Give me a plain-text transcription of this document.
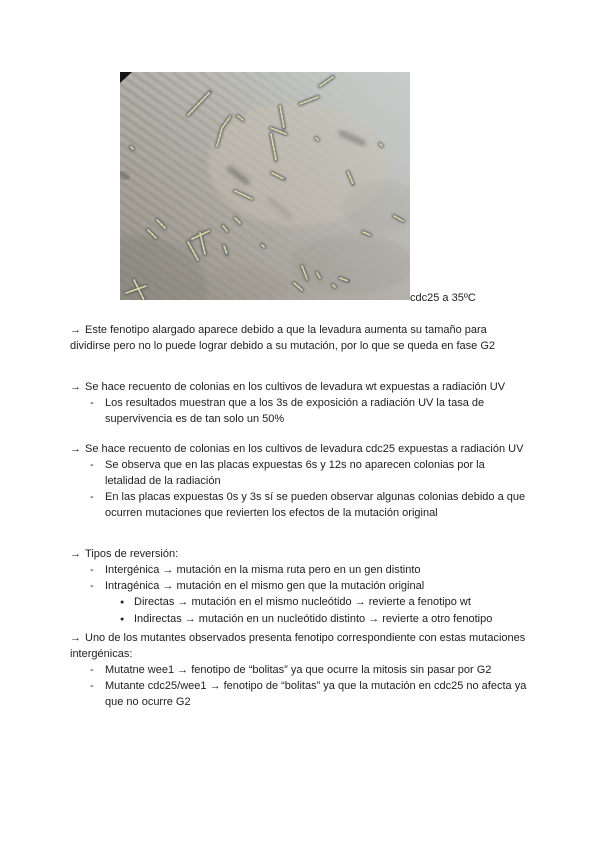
cdc25 a 35ºC

→ Este fenotipo alargado aparece debido a que la levadura aumenta su tamaño para dividirse pero no lo puede lograr debido a su mutación, por lo que se queda en fase G2

→ Se hace recuento de colonias en los cultivos de levadura wt expuestas a radiación UV

-	Los resultados muestran que a los 3s de exposición a radiación UV la tasa de supervivencia es de tan solo un 50%

→ Se hace recuento de colonias en los cultivos de levadura cdc25 expuestas a radiación UV

-	Se observa que en las placas expuestas 6s y 12s no aparecen colonias por la letalidad de la radiación
-	En las placas expuestas 0s y 3s sí se pueden observar algunas colonias debido a que ocurren mutaciones que revierten los efectos de la mutación original

→ Tipos de reversión:

-	Intergénica → mutación en la misma ruta pero en un gen distinto
-	Intragénica → mutación en el mismo gen que la mutación original
● Directas → mutación en el mismo nucleótido → revierte a fenotipo wt
● Indirectas → mutación en un nucleótido distinto → revierte a otro fenotipo

→ Uno de los mutantes observados presenta fenotipo correspondiente con estas mutaciones intergénicas:

-	Mutatne wee1 → fenotipo de “bolitas” ya que ocurre la mitosis sin pasar por G2
-	Mutante cdc25/wee1 → fenotipo de “bolitas” ya que la mutación en cdc25 no afecta ya que no ocurre G2
